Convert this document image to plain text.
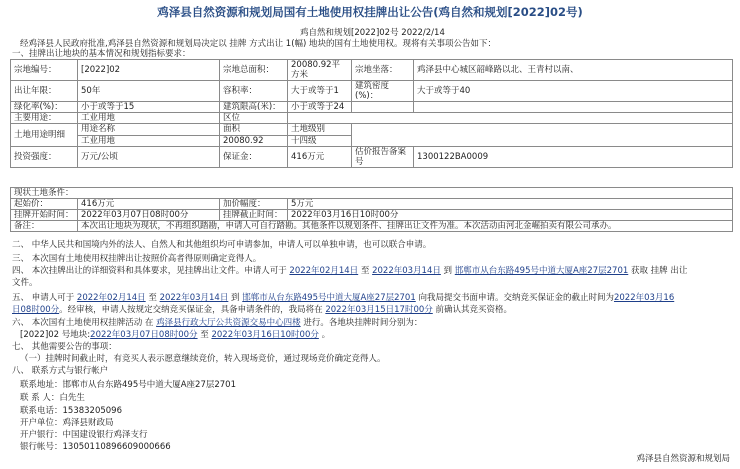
鸡泽县自然资源和规划局国有土地使用权挂牌出让公告(鸡自然和规划[2022]02号)
鸡自然和规划[2022]02号 2022/2/14
经鸡泽县人民政府批准,鸡泽县自然资源和规划局决定以 挂牌 方式出让 1(幅) 地块的国有土地使用权。现将有关事项公告如下：
一、挂牌出让地块的基本情况和规划指标要求：
宗地编号：	[2022]02	宗地总面积：	20080.92平方米	宗地坐落：	鸡泽县中心城区韶峰路以北、王青村以南、
出让年限：	50年	容积率：	大于或等于1	建筑密度(%)：	大于或等于40
绿化率(%)：	小于或等于15	建筑限高(米)：	小于或等于24		
主要用途：	工业用地	区位			
土地用途明细	用途名称	面积	土地级别		
	工业用地	20080.92	十四级		
投资强度：	万元/公顷	保证金：	416万元	估价报告备案号	1300122BA0009
现状土地条件：			
起始价：	416万元	加价幅度：	5万元
挂牌开始时间：	2022年03月07日08时00分	挂牌截止时间：	2022年03月16日10时00分
备注：	本次出让地块为现状，不再组织踏勘，申请人可自行踏勘。其他条件以规划条件、挂牌出让文件为准。本次活动由河北金崛拍卖有限公司承办。		
二、 中华人民共和国境内外的法人、自然人和其他组织均可申请参加，申请人可以单独申请，也可以联合申请。
三、 本次国有土地使用权挂牌出让按照价高者得原则确定竞得人。
四、 本次挂牌出让的详细资料和具体要求，见挂牌出让文件。申请人可于 2022年02月14日 至 2022年03月14日 到 邯郸市从台东路495号中道大厦A座27层2701 获取 挂牌 出让
文件。
五、 申请人可于 2022年02月14日 至 2022年03月14日 到 邯郸市从台东路495号中道大厦A座27层2701 向我局提交书面申请。交纳竞买保证金的截止时间为2022年03月16
日08时00分。经审核，申请人按规定交纳竞买保证金，具备申请条件的，我局将在 2022年03月15日17时00分 前确认其竞买资格。
六、 本次国有土地使用权挂牌活动 在 鸡泽县行政大厅公共资源交易中心四楼 进行。各地块挂牌时间分别为：
[2022]02 号地块:2022年03月07日08时00分 至 2022年03月16日10时00分 。
七、 其他需要公告的事项：
（一）挂牌时间截止时，有竞买人表示愿意继续竞价，转入现场竞价，通过现场竞价确定竞得人。
八、 联系方式与银行帐户
联系地址：邯郸市从台东路495号中道大厦A座27层2701
联 系 人：白先生
联系电话：15383205096
开户单位：鸡泽县财政局
开户银行：中国建设银行鸡泽支行
银行帐号：13050110896609000666
鸡泽县自然资源和规划局
